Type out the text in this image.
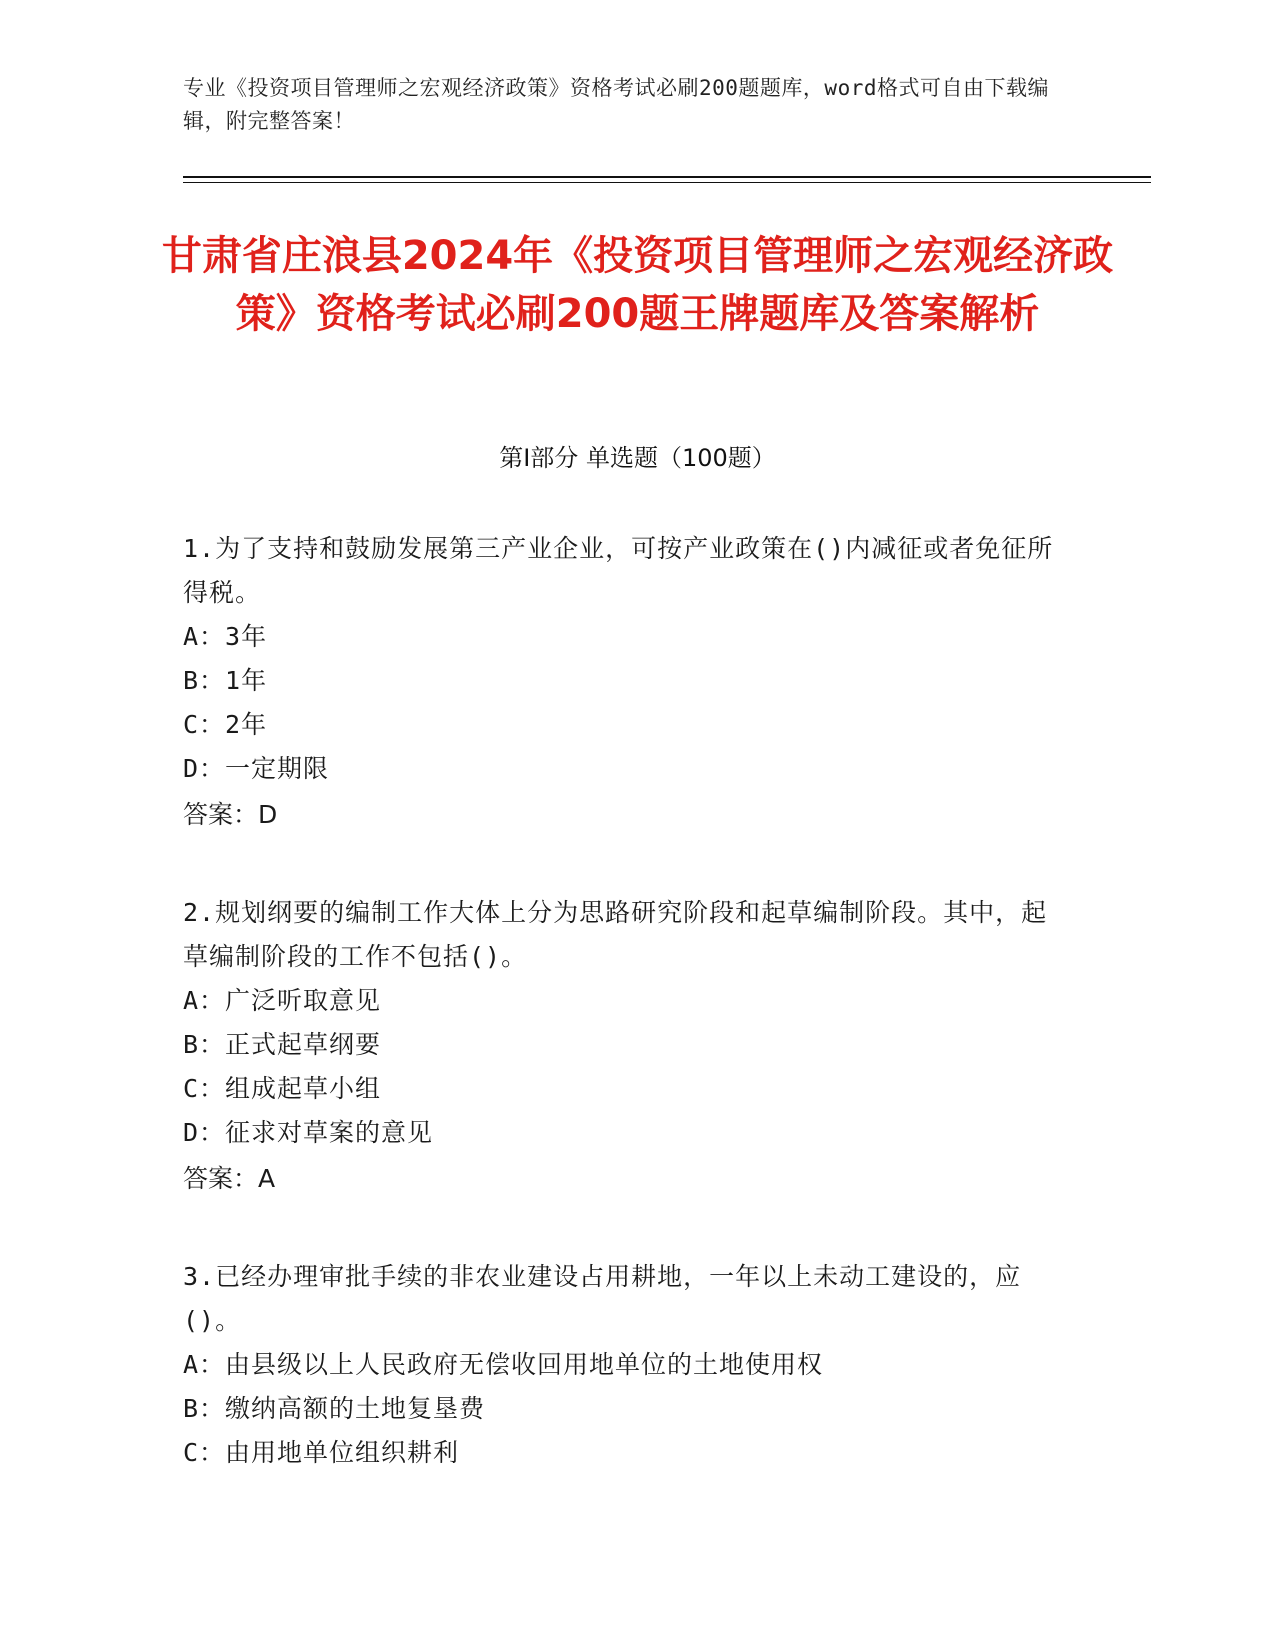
专业《投资项目管理师之宏观经济政策》资格考试必刷200题题库，word格式可自由下载编辑，附完整答案！
甘肃省庄浪县2024年《投资项目管理师之宏观经济政策》资格考试必刷200题王牌题库及答案解析
第Ⅰ部分 单选题（100题）
1.为了支持和鼓励发展第三产业企业，可按产业政策在()内减征或者免征所得税。
A：3年
B：1年
C：2年
D：一定期限
答案：D
2.规划纲要的编制工作大体上分为思路研究阶段和起草编制阶段。其中，起草编制阶段的工作不包括()。
A：广泛听取意见
B：正式起草纲要
C：组成起草小组
D：征求对草案的意见
答案：A
3.已经办理审批手续的非农业建设占用耕地，一年以上未动工建设的，应()。
A：由县级以上人民政府无偿收回用地单位的土地使用权
B：缴纳高额的土地复垦费
C：由用地单位组织耕利
